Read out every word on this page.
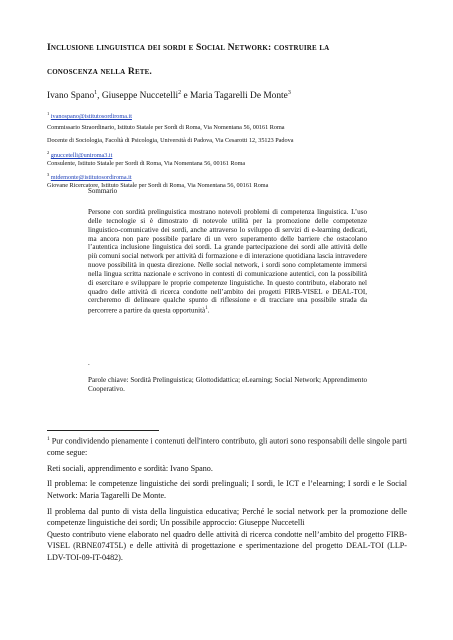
Inclusione linguistica dei sordi e Social Network: costruire la
conoscenza nella Rete.
Ivano Spano$^1$, Giuseppe Nuccetelli$^2$ e Maria Tagarelli De Monte$^3$
$^1$ ivanospano@istitutosordiroma.it
Commissario Straordinario, Istituto Statale per Sordi di Roma, Via Nomentana 56, 00161 Roma
Docente di Sociologia, Facoltà di Psicologia, Università di Padova, Via Cesarotti 12, 35123 Padova
$^2$ gnuccetelli@uniroma3.it
Consulente, Istituto Statale per Sordi di Roma, Via Nomentana 56, 00161 Roma
$^3$ mtdemonte@istitutosordiroma.it
Giovane Ricercatore, Istituto Statale per Sordi di Roma, Via Nomentana 56, 00161 Roma
Sommario

Persone con sordità prelinguistica mostrano notevoli problemi di competenza linguistica. L’uso delle tecnologie si è dimostrato di notevole utilità per la promozione delle competenze linguistico-comunicative dei sordi, anche attraverso lo sviluppo di servizi di e-learning dedicati, ma ancora non pare possibile parlare di un vero superamento delle barriere che ostacolano l’autentica inclusione linguistica dei sordi. La grande partecipazione dei sordi alle attività delle più comuni social network per attività di formazione e di interazione quotidiana lascia intravedere nuove possibilità in questa direzione. Nelle social network, i sordi sono completamente immersi nella lingua scritta nazionale e scrivono in contesti di comunicazione autentici, con la possibilità di esercitare e sviluppare le proprie competenze linguistiche. In questo contributo, elaborato nel quadro delle attività di ricerca condotte nell’ambito dei progetti FIRB-VISEL e DEAL-TOI, cercheremo di delineare qualche spunto di riflessione e di tracciare una possibile strada da percorrere a partire da questa opportunità$^1$.

.

Parole chiave: Sordità Prelinguistica; Glottodidattica; eLearning; Social Network; Apprendimento Cooperativo.

$^1$ Pur condividendo pienamente i contenuti dell'intero contributo, gli autori sono responsabili delle singole parti come segue:

Reti sociali, apprendimento e sordità: Ivano Spano.

Il problema: le competenze linguistiche dei sordi prelinguali; I sordi, le ICT e l’elearning; I sordi e le Social Network: Maria Tagarelli De Monte.

Il problema dal punto di vista della linguistica educativa; Perché le social network per la promozione delle competenze linguistiche dei sordi; Un possibile approccio: Giuseppe Nuccetelli

Questo contributo viene elaborato nel quadro delle attività di ricerca condotte nell’ambito del progetto FIRB-VISEL (RBNE074T5L) e delle attività di progettazione e sperimentazione del progetto DEAL-TOI (LLP-LDV-TOI-09-IT-0482).
